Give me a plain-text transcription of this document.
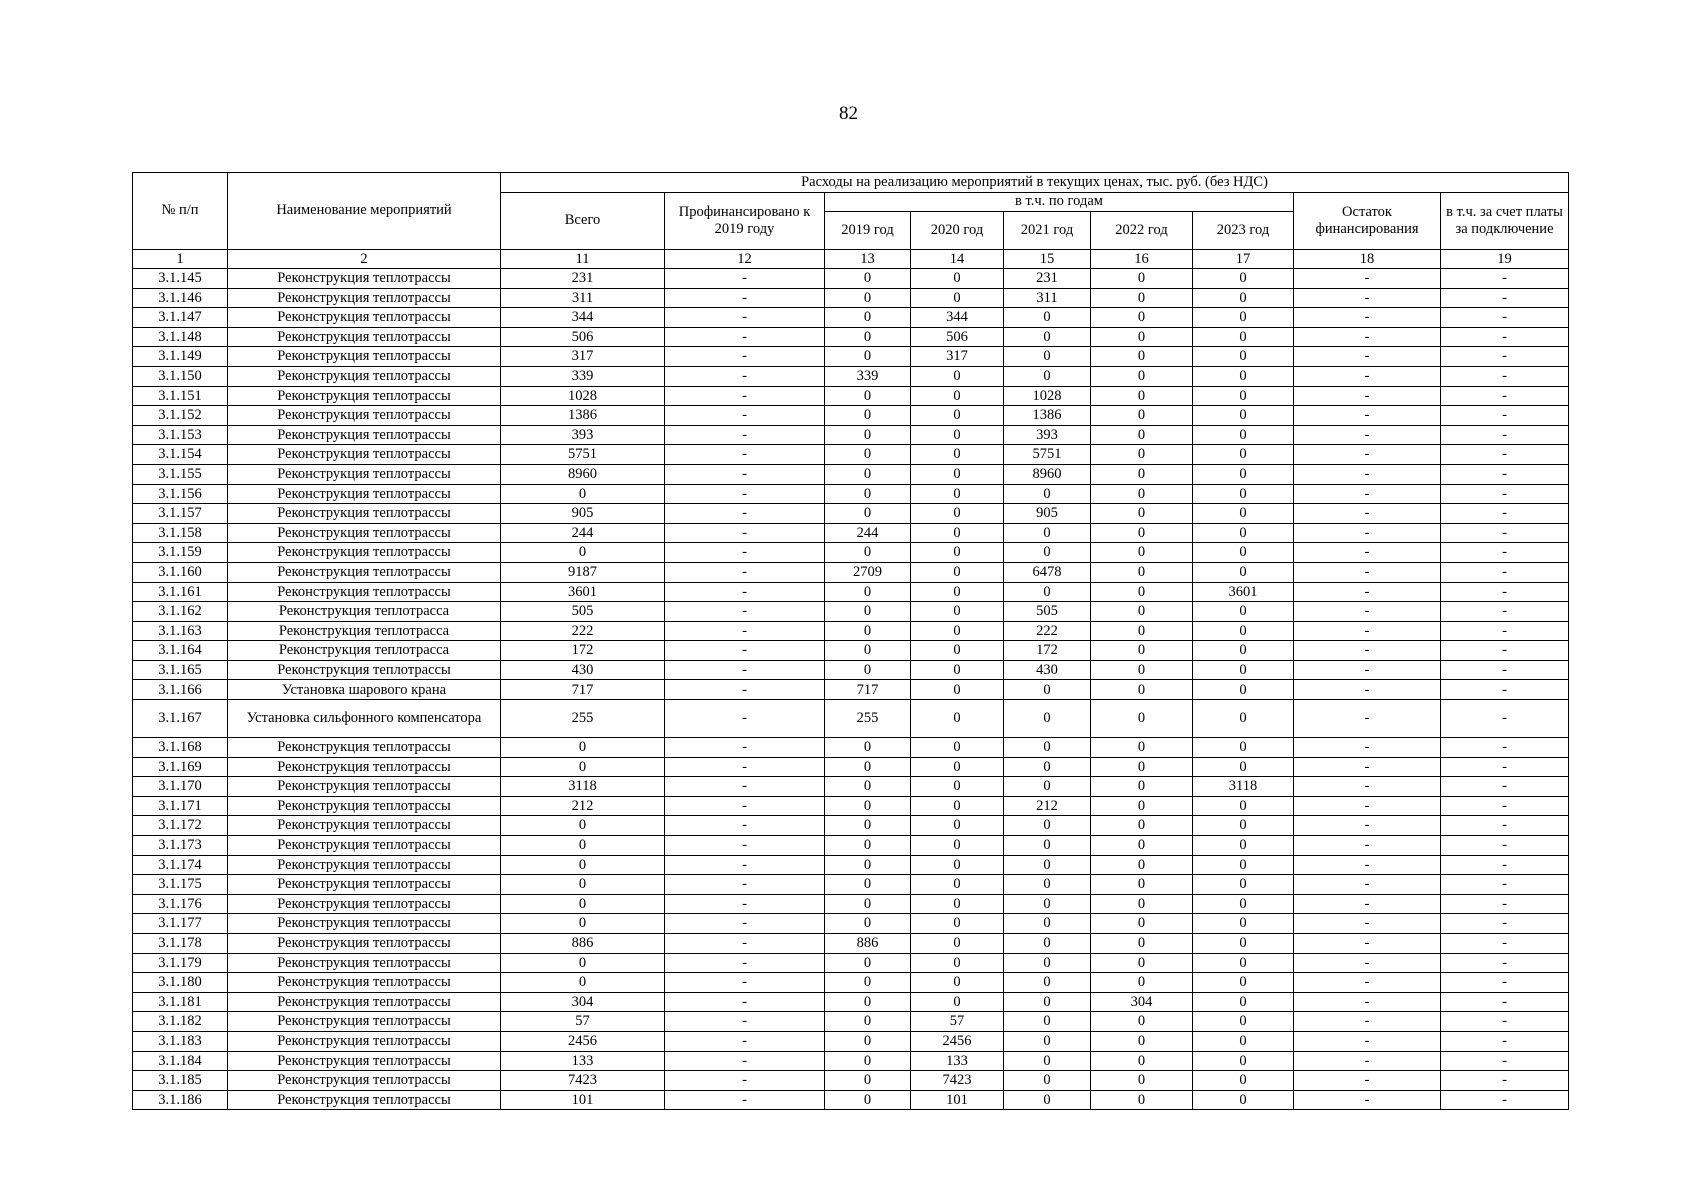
82
№ п/п	Наименование мероприятий	Расходы на реализацию мероприятий в текущих ценах, тыс. руб. (без НДС)								
		Всего	Профинансировано к 2019 году	в т.ч. по годам					Остаток финансирования	в т.ч. за счет платы за подключение
				2019 год	2020 год	2021 год	2022 год	2023 год		
1	2	11	12	13	14	15	16	17	18	19
3.1.145	Реконструкция теплотрассы	231	-	0	0	231	0	0	-	-
3.1.146	Реконструкция теплотрассы	311	-	0	0	311	0	0	-	-
3.1.147	Реконструкция теплотрассы	344	-	0	344	0	0	0	-	-
3.1.148	Реконструкция теплотрассы	506	-	0	506	0	0	0	-	-
3.1.149	Реконструкция теплотрассы	317	-	0	317	0	0	0	-	-
3.1.150	Реконструкция теплотрассы	339	-	339	0	0	0	0	-	-
3.1.151	Реконструкция теплотрассы	1028	-	0	0	1028	0	0	-	-
3.1.152	Реконструкция теплотрассы	1386	-	0	0	1386	0	0	-	-
3.1.153	Реконструкция теплотрассы	393	-	0	0	393	0	0	-	-
3.1.154	Реконструкция теплотрассы	5751	-	0	0	5751	0	0	-	-
3.1.155	Реконструкция теплотрассы	8960	-	0	0	8960	0	0	-	-
3.1.156	Реконструкция теплотрассы	0	-	0	0	0	0	0	-	-
3.1.157	Реконструкция теплотрассы	905	-	0	0	905	0	0	-	-
3.1.158	Реконструкция теплотрассы	244	-	244	0	0	0	0	-	-
3.1.159	Реконструкция теплотрассы	0	-	0	0	0	0	0	-	-
3.1.160	Реконструкция теплотрассы	9187	-	2709	0	6478	0	0	-	-
3.1.161	Реконструкция теплотрассы	3601	-	0	0	0	0	3601	-	-
3.1.162	Реконструкция теплотрасса	505	-	0	0	505	0	0	-	-
3.1.163	Реконструкция теплотрасса	222	-	0	0	222	0	0	-	-
3.1.164	Реконструкция теплотрасса	172	-	0	0	172	0	0	-	-
3.1.165	Реконструкция теплотрассы	430	-	0	0	430	0	0	-	-
3.1.166	Установка шарового крана	717	-	717	0	0	0	0	-	-
3.1.167	Установка сильфонного компенсатора	255	-	255	0	0	0	0	-	-
3.1.168	Реконструкция теплотрассы	0	-	0	0	0	0	0	-	-
3.1.169	Реконструкция теплотрассы	0	-	0	0	0	0	0	-	-
3.1.170	Реконструкция теплотрассы	3118	-	0	0	0	0	3118	-	-
3.1.171	Реконструкция теплотрассы	212	-	0	0	212	0	0	-	-
3.1.172	Реконструкция теплотрассы	0	-	0	0	0	0	0	-	-
3.1.173	Реконструкция теплотрассы	0	-	0	0	0	0	0	-	-
3.1.174	Реконструкция теплотрассы	0	-	0	0	0	0	0	-	-
3.1.175	Реконструкция теплотрассы	0	-	0	0	0	0	0	-	-
3.1.176	Реконструкция теплотрассы	0	-	0	0	0	0	0	-	-
3.1.177	Реконструкция теплотрассы	0	-	0	0	0	0	0	-	-
3.1.178	Реконструкция теплотрассы	886	-	886	0	0	0	0	-	-
3.1.179	Реконструкция теплотрассы	0	-	0	0	0	0	0	-	-
3.1.180	Реконструкция теплотрассы	0	-	0	0	0	0	0	-	-
3.1.181	Реконструкция теплотрассы	304	-	0	0	0	304	0	-	-
3.1.182	Реконструкция теплотрассы	57	-	0	57	0	0	0	-	-
3.1.183	Реконструкция теплотрассы	2456	-	0	2456	0	0	0	-	-
3.1.184	Реконструкция теплотрассы	133	-	0	133	0	0	0	-	-
3.1.185	Реконструкция теплотрассы	7423	-	0	7423	0	0	0	-	-
3.1.186	Реконструкция теплотрассы	101	-	0	101	0	0	0	-	-
